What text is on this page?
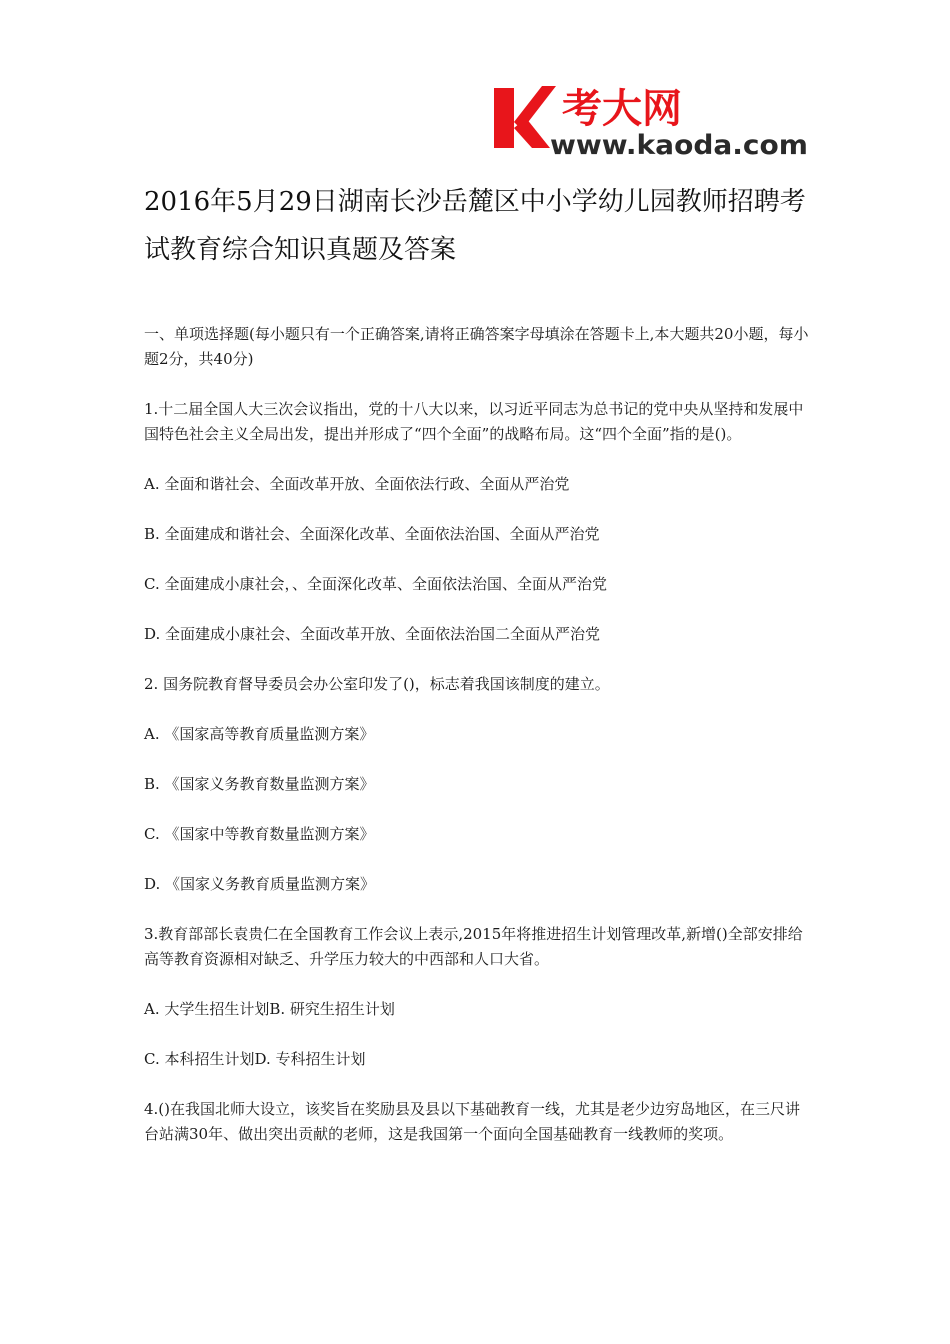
考大网
www.kaoda.com
2016年5月29日湖南长沙岳麓区中小学幼儿园教师招聘考试教育综合知识真题及答案

一、单项选择题(每小题只有一个正确答案,请将正确答案字母填涂在答题卡上,本大题共20小题，每小题2分，共40分)

1.十二届全国人大三次会议指出，党的十八大以来，以习近平同志为总书记的党中央从坚持和发展中国特色社会主义全局出发，提出并形成了“四个全面”的战略布局。这“四个全面”指的是()。

A. 全面和谐社会、全面改革开放、全面依法行政、全面从严治党

B. 全面建成和谐社会、全面深化改革、全面依法治国、全面从严治党

C. 全面建成小康社会，、全面深化改革、全面依法治国、全面从严治党

D. 全面建成小康社会、全面改革开放、全面依法治国二全面从严治党

2. 国务院教育督导委员会办公室印发了()，标志着我国该制度的建立。

A. 《国家高等教育质量监测方案》

B. 《国家义务教育数量监测方案》

C. 《国家中等教育数量监测方案》

D. 《国家义务教育质量监测方案》

3.教育部部长袁贵仁在全国教育工作会议上表示,2015年将推进招生计划管理改革,新增()全部安排给高等教育资源相对缺乏、升学压力较大的中西部和人口大省。

A. 大学生招生计划B. 研究生招生计划

C. 本科招生计划D. 专科招生计划

4.()在我国北师大设立，该奖旨在奖励县及县以下基础教育一线，尤其是老少边穷岛地区，在三尺讲台站满30年、做出突出贡献的老师，这是我国第一个面向全国基础教育一线教师的奖项。
